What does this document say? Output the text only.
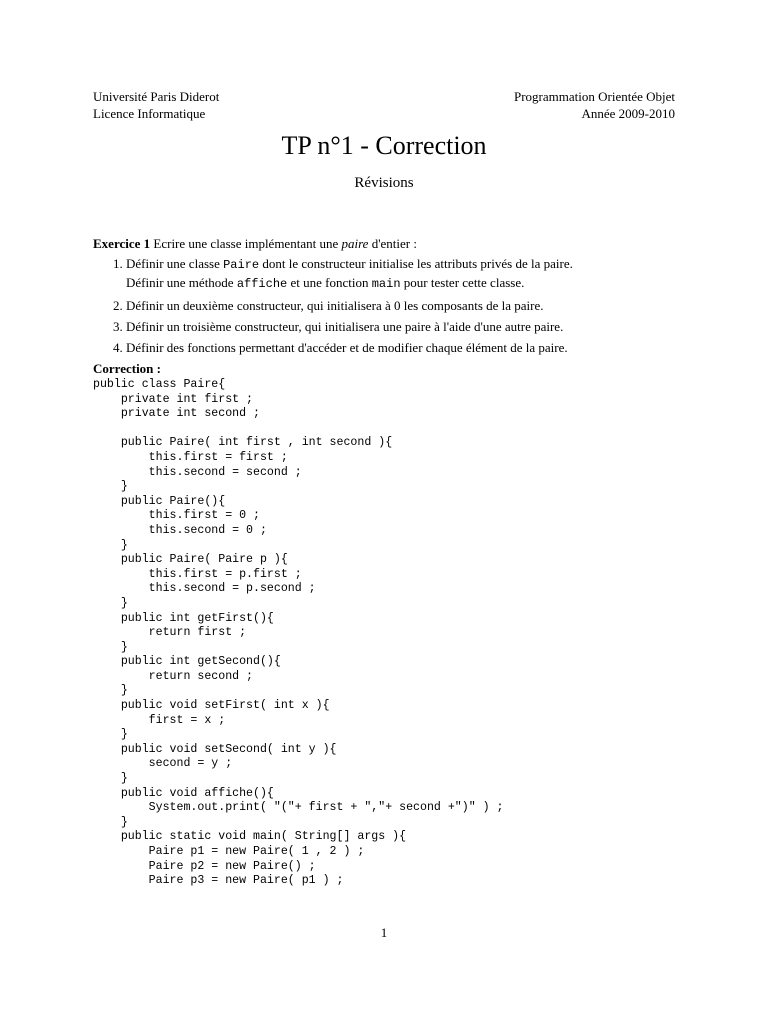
Université Paris Diderot
Licence Informatique
Programmation Orientée Objet
Année 2009-2010
TP n°1 - Correction
Révisions
Exercice 1 Ecrire une classe implémentant une paire d'entier :
1. Définir une classe Paire dont le constructeur initialise les attributs privés de la paire.
Définir une méthode affiche et une fonction main pour tester cette classe.
2. Définir un deuxième constructeur, qui initialisera à 0 les composants de la paire.
3. Définir un troisième constructeur, qui initialisera une paire à l'aide d'une autre paire.
4. Définir des fonctions permettant d'accéder et de modifier chaque élément de la paire.
Correction :
public class Paire{
private int first ;
private int second ;

public Paire( int first , int second ){
this.first = first ;
this.second = second ;
}
public Paire(){
this.first = 0 ;
this.second = 0 ;
}
public Paire( Paire p ){
this.first = p.first ;
this.second = p.second ;
}
public int getFirst(){
return first ;
}
public int getSecond(){
return second ;
}
public void setFirst( int x ){
first = x ;
}
public void setSecond( int y ){
second = y ;
}
public void affiche(){
System.out.print( "("+ first + ","+ second +")" ) ;
}
public static void main( String[] args ){
Paire p1 = new Paire( 1 , 2 ) ;
Paire p2 = new Paire() ;
Paire p3 = new Paire( p1 ) ;
1
